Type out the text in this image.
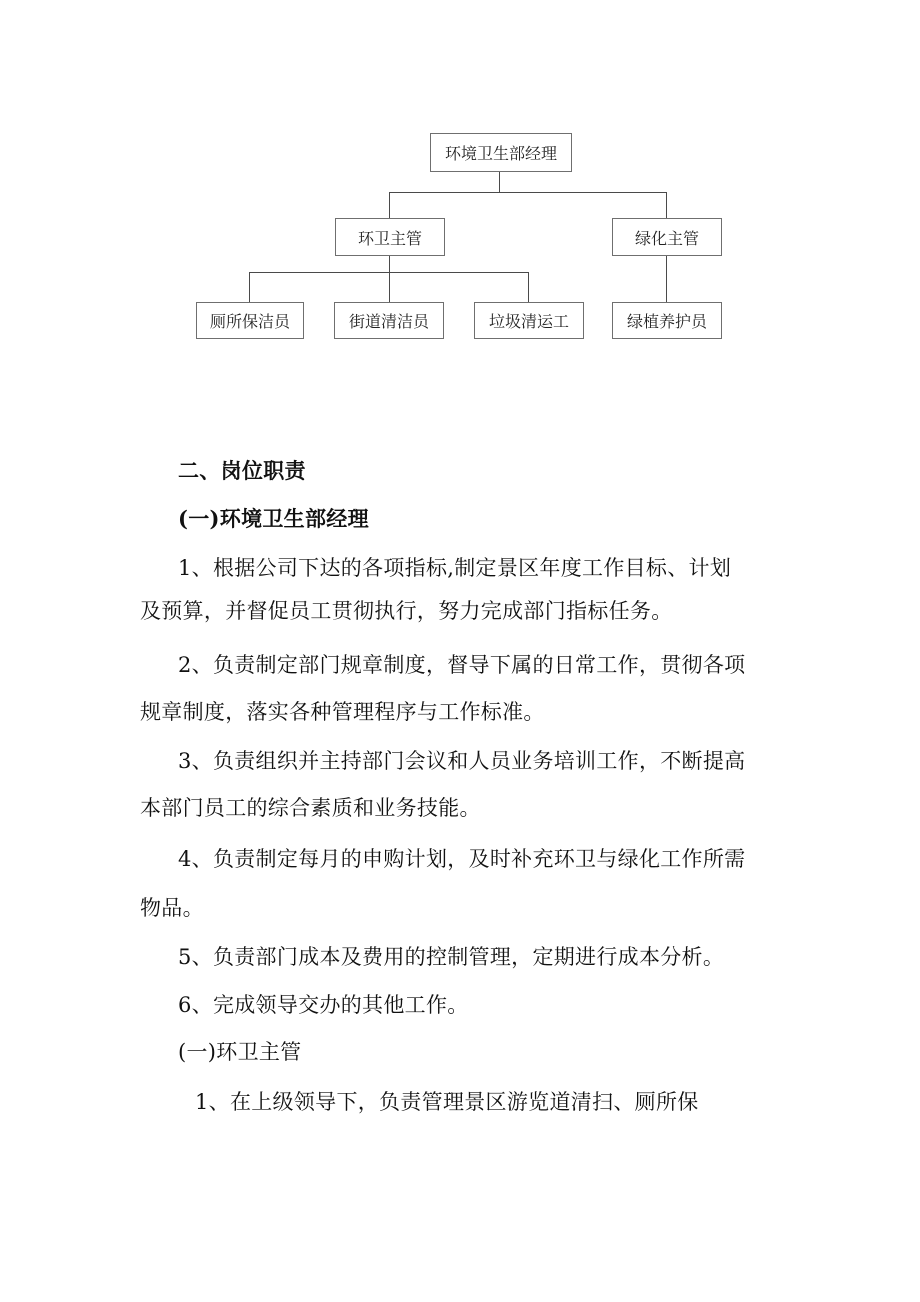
环境卫生部经理
环卫主管	绿化主管
厕所保洁员	街道清洁员	垃圾清运工	绿植养护员
二、岗位职责
(一)环境卫生部经理
1、根据公司下达的各项指标,制定景区年度工作目标、计划
及预算，并督促员工贯彻执行，努力完成部门指标任务。
2、负责制定部门规章制度，督导下属的日常工作，贯彻各项
规章制度，落实各种管理程序与工作标准。
3、负责组织并主持部门会议和人员业务培训工作，不断提高
本部门员工的综合素质和业务技能。
4、负责制定每月的申购计划，及时补充环卫与绿化工作所需
物品。
5、负责部门成本及费用的控制管理，定期进行成本分析。
6、完成领导交办的其他工作。
(一)环卫主管
1、在上级领导下，负责管理景区游览道清扫、厕所保
